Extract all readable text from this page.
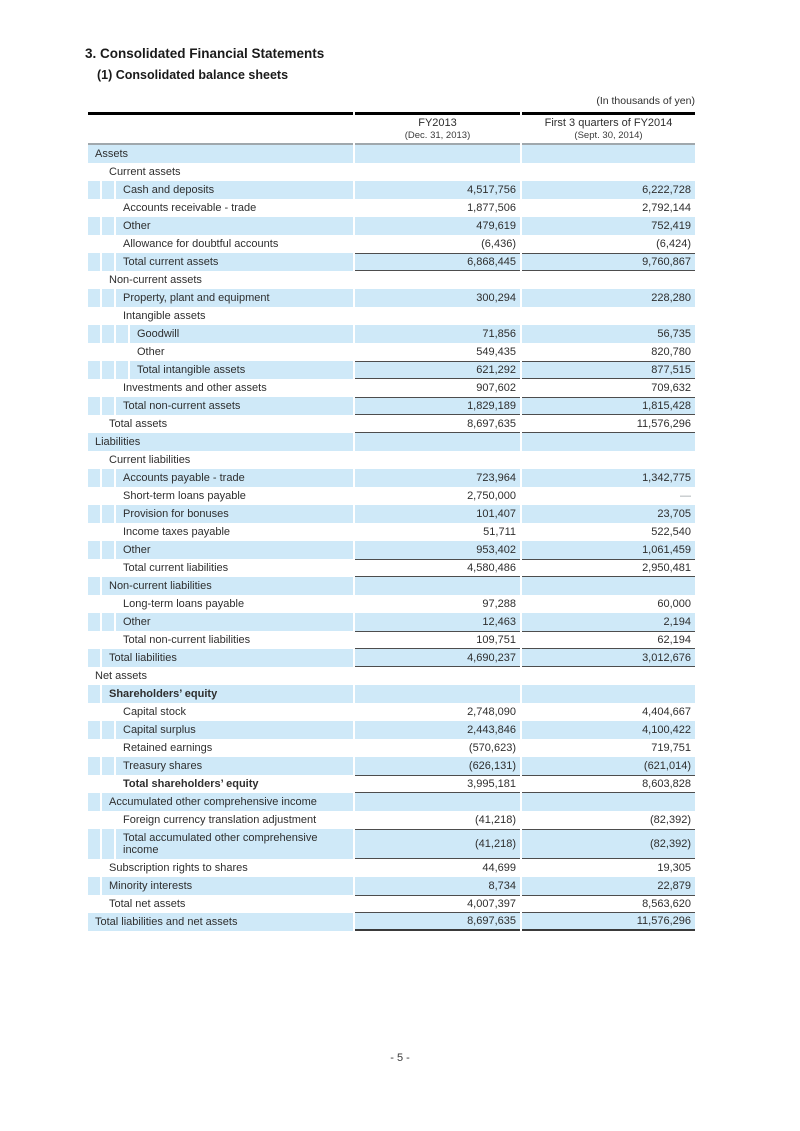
3. Consolidated Financial Statements
(1) Consolidated balance sheets
(In thousands of yen)

FY2013
(Dec. 31, 2013)

First 3 quarters of FY2014
(Sept. 30, 2014)

Assets					
	Current assets				
		Cash and deposits		4,517,756	6,222,728
		Accounts receivable - trade		1,877,506	2,792,144
		Other		479,619	752,419
		Allowance for doubtful accounts		(6,436)	(6,424)
		Total current assets		6,868,445	9,760,867
	Non-current assets				
		Property, plant and equipment		300,294	228,280
		Intangible assets			
			Goodwill	71,856	56,735
			Other	549,435	820,780
			Total intangible assets	621,292	877,515
		Investments and other assets		907,602	709,632
		Total non-current assets		1,829,189	1,815,428
	Total assets			8,697,635	11,576,296
Liabilities					
	Current liabilities				
		Accounts payable - trade		723,964	1,342,775
		Short-term loans payable		2,750,000	—
		Provision for bonuses		101,407	23,705
		Income taxes payable		51,711	522,540
		Other		953,402	1,061,459
		Total current liabilities		4,580,486	2,950,481
	Non-current liabilities				
		Long-term loans payable		97,288	60,000
		Other		12,463	2,194
		Total non-current liabilities		109,751	62,194
	Total liabilities			4,690,237	3,012,676
Net assets					
	Shareholders’ equity				
		Capital stock		2,748,090	4,404,667
		Capital surplus		2,443,846	4,100,422
		Retained earnings		(570,623)	719,751
		Treasury shares		(626,131)	(621,014)
		Total shareholders’ equity		3,995,181	8,603,828
	Accumulated other comprehensive income				
		Foreign currency translation adjustment		(41,218)	(82,392)
		Total accumulated other comprehensive income		(41,218)	(82,392)
	Subscription rights to shares			44,699	19,305
	Minority interests			8,734	22,879
	Total net assets			4,007,397	8,563,620
Total liabilities and net assets				8,697,635	11,576,296
- 5 -
